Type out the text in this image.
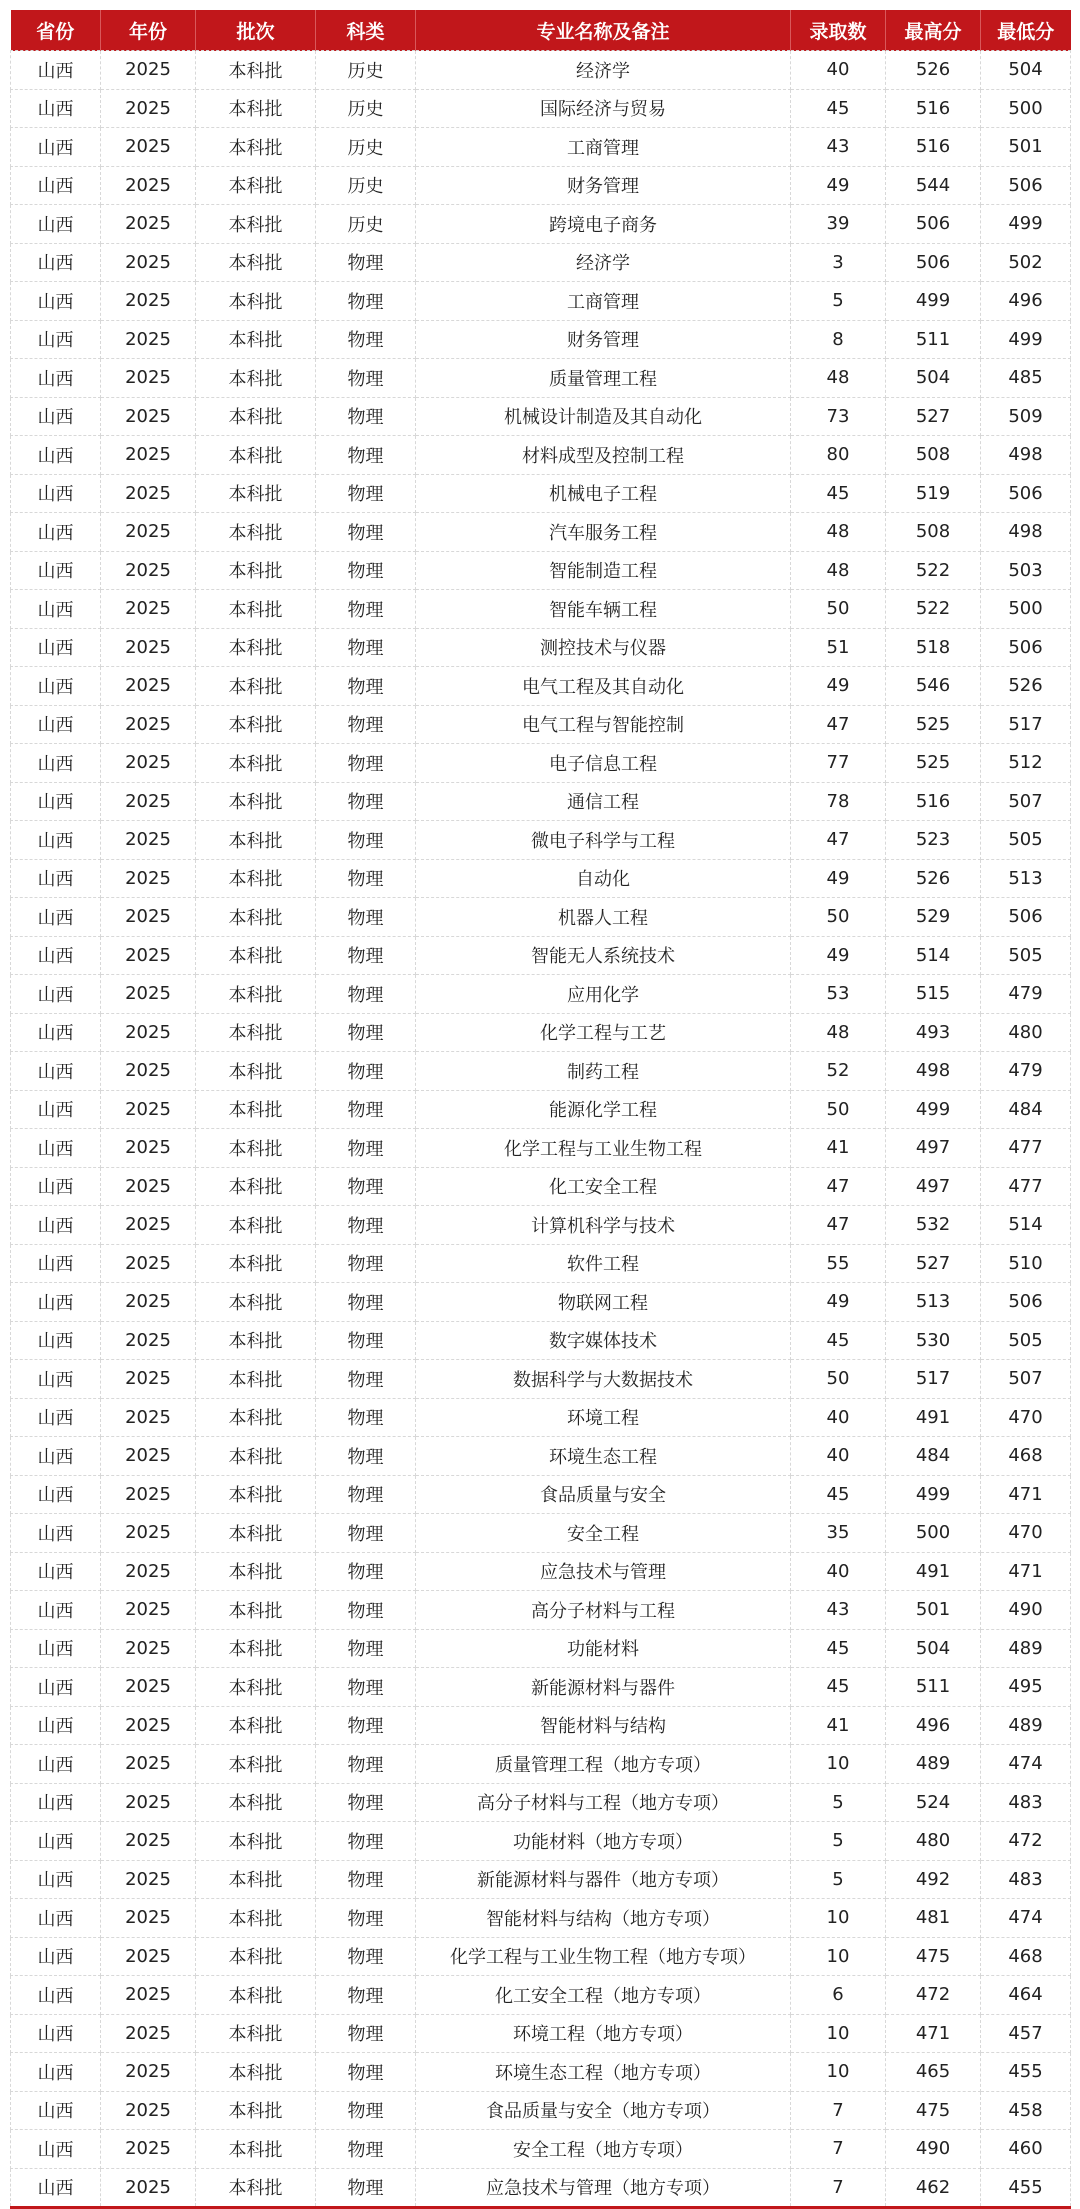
省份	年份	批次	科类	专业名称及备注	录取数	最高分	最低分
山西	2025	本科批	历史	经济学	40	526	504
山西	2025	本科批	历史	国际经济与贸易	45	516	500
山西	2025	本科批	历史	工商管理	43	516	501
山西	2025	本科批	历史	财务管理	49	544	506
山西	2025	本科批	历史	跨境电子商务	39	506	499
山西	2025	本科批	物理	经济学	3	506	502
山西	2025	本科批	物理	工商管理	5	499	496
山西	2025	本科批	物理	财务管理	8	511	499
山西	2025	本科批	物理	质量管理工程	48	504	485
山西	2025	本科批	物理	机械设计制造及其自动化	73	527	509
山西	2025	本科批	物理	材料成型及控制工程	80	508	498
山西	2025	本科批	物理	机械电子工程	45	519	506
山西	2025	本科批	物理	汽车服务工程	48	508	498
山西	2025	本科批	物理	智能制造工程	48	522	503
山西	2025	本科批	物理	智能车辆工程	50	522	500
山西	2025	本科批	物理	测控技术与仪器	51	518	506
山西	2025	本科批	物理	电气工程及其自动化	49	546	526
山西	2025	本科批	物理	电气工程与智能控制	47	525	517
山西	2025	本科批	物理	电子信息工程	77	525	512
山西	2025	本科批	物理	通信工程	78	516	507
山西	2025	本科批	物理	微电子科学与工程	47	523	505
山西	2025	本科批	物理	自动化	49	526	513
山西	2025	本科批	物理	机器人工程	50	529	506
山西	2025	本科批	物理	智能无人系统技术	49	514	505
山西	2025	本科批	物理	应用化学	53	515	479
山西	2025	本科批	物理	化学工程与工艺	48	493	480
山西	2025	本科批	物理	制药工程	52	498	479
山西	2025	本科批	物理	能源化学工程	50	499	484
山西	2025	本科批	物理	化学工程与工业生物工程	41	497	477
山西	2025	本科批	物理	化工安全工程	47	497	477
山西	2025	本科批	物理	计算机科学与技术	47	532	514
山西	2025	本科批	物理	软件工程	55	527	510
山西	2025	本科批	物理	物联网工程	49	513	506
山西	2025	本科批	物理	数字媒体技术	45	530	505
山西	2025	本科批	物理	数据科学与大数据技术	50	517	507
山西	2025	本科批	物理	环境工程	40	491	470
山西	2025	本科批	物理	环境生态工程	40	484	468
山西	2025	本科批	物理	食品质量与安全	45	499	471
山西	2025	本科批	物理	安全工程	35	500	470
山西	2025	本科批	物理	应急技术与管理	40	491	471
山西	2025	本科批	物理	高分子材料与工程	43	501	490
山西	2025	本科批	物理	功能材料	45	504	489
山西	2025	本科批	物理	新能源材料与器件	45	511	495
山西	2025	本科批	物理	智能材料与结构	41	496	489
山西	2025	本科批	物理	质量管理工程（地方专项）	10	489	474
山西	2025	本科批	物理	高分子材料与工程（地方专项）	5	524	483
山西	2025	本科批	物理	功能材料（地方专项）	5	480	472
山西	2025	本科批	物理	新能源材料与器件（地方专项）	5	492	483
山西	2025	本科批	物理	智能材料与结构（地方专项）	10	481	474
山西	2025	本科批	物理	化学工程与工业生物工程（地方专项）	10	475	468
山西	2025	本科批	物理	化工安全工程（地方专项）	6	472	464
山西	2025	本科批	物理	环境工程（地方专项）	10	471	457
山西	2025	本科批	物理	环境生态工程（地方专项）	10	465	455
山西	2025	本科批	物理	食品质量与安全（地方专项）	7	475	458
山西	2025	本科批	物理	安全工程（地方专项）	7	490	460
山西	2025	本科批	物理	应急技术与管理（地方专项）	7	462	455
